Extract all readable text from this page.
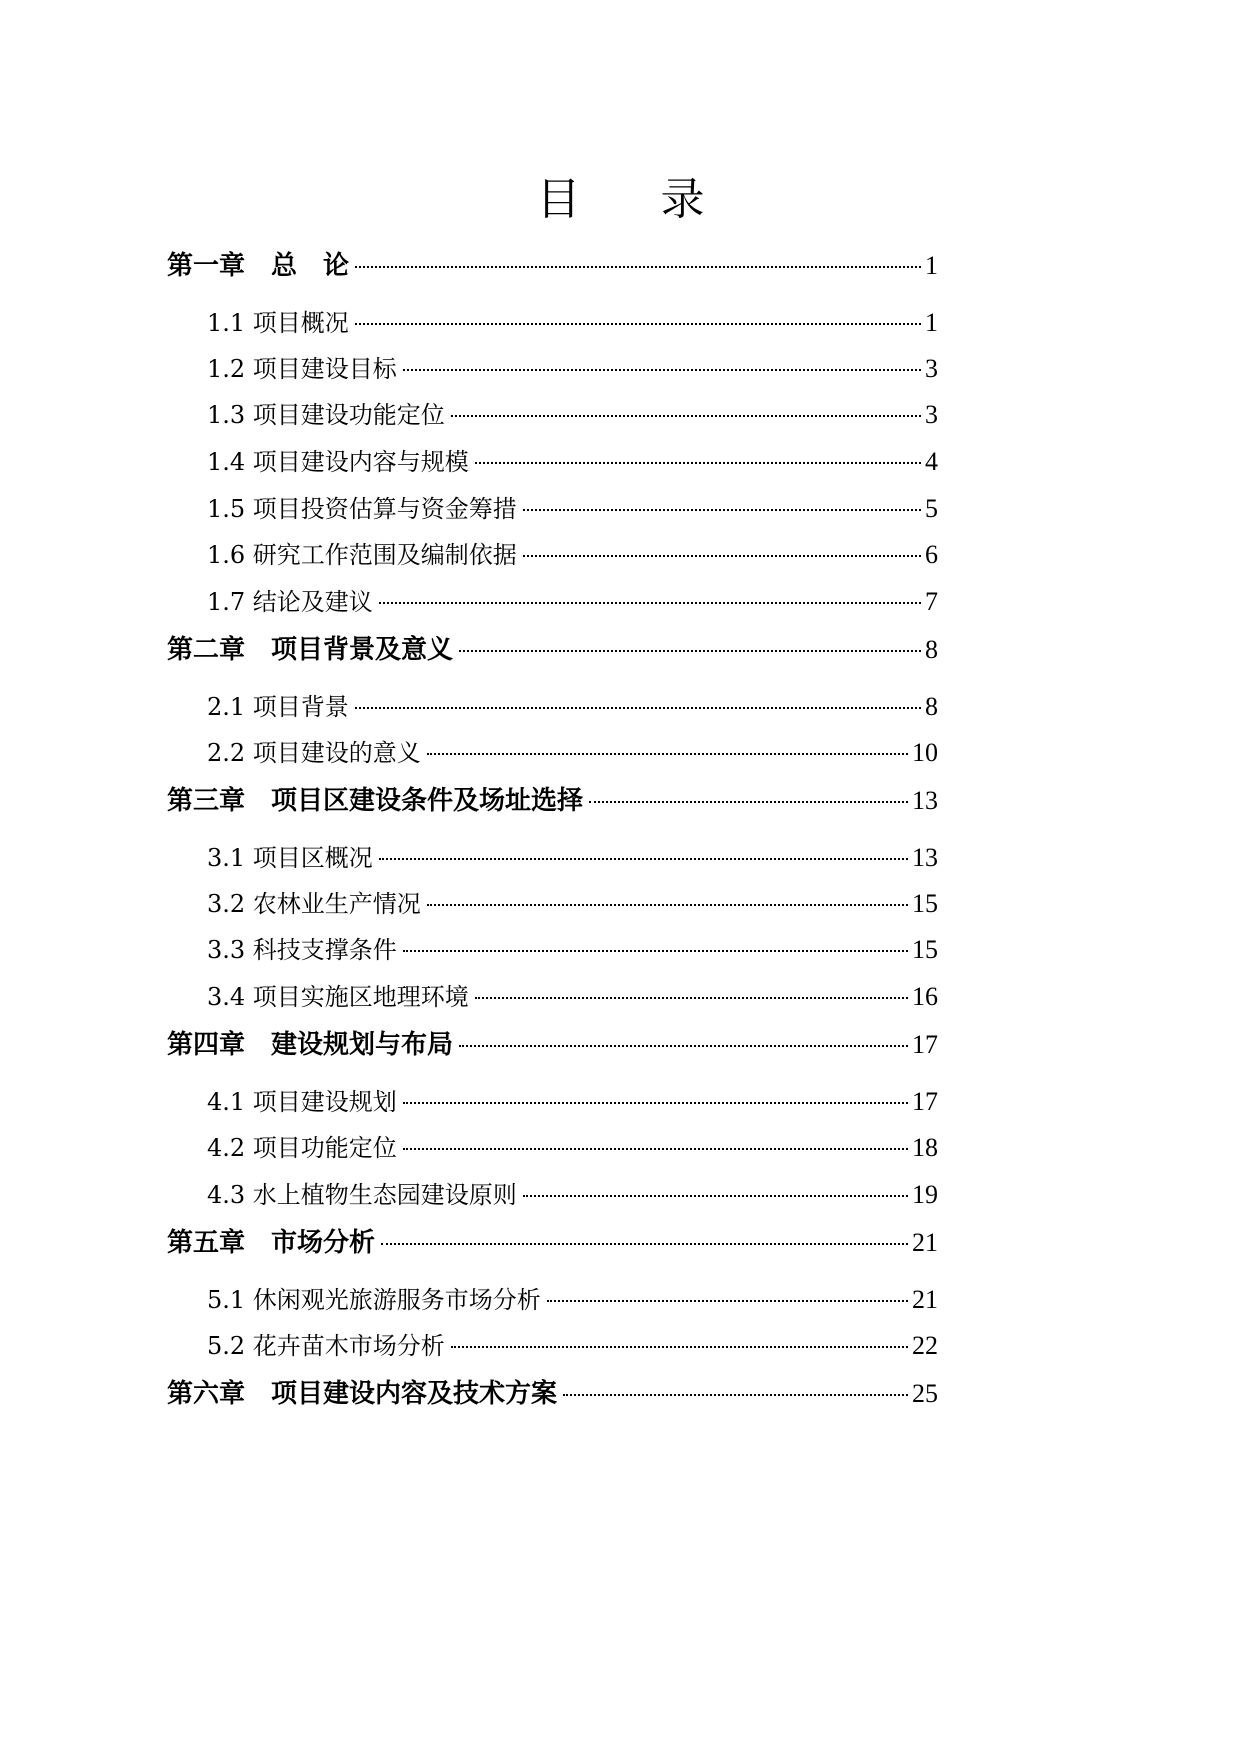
目 录
第一章　总　论	1
1.1 项目概况	1
1.2 项目建设目标	3
1.3 项目建设功能定位	3
1.4 项目建设内容与规模	4
1.5 项目投资估算与资金筹措	5
1.6 研究工作范围及编制依据	6
1.7 结论及建议	7
第二章　项目背景及意义	8
2.1 项目背景	8
2.2 项目建设的意义	10
第三章　项目区建设条件及场址选择	13
3.1 项目区概况	13
3.2 农林业生产情况	15
3.3 科技支撑条件	15
3.4 项目实施区地理环境	16
第四章　建设规划与布局	17
4.1 项目建设规划	17
4.2 项目功能定位	18
4.3 水上植物生态园建设原则	19
第五章　市场分析	21
5.1 休闲观光旅游服务市场分析	21
5.2 花卉苗木市场分析	22
第六章　项目建设内容及技术方案	25
